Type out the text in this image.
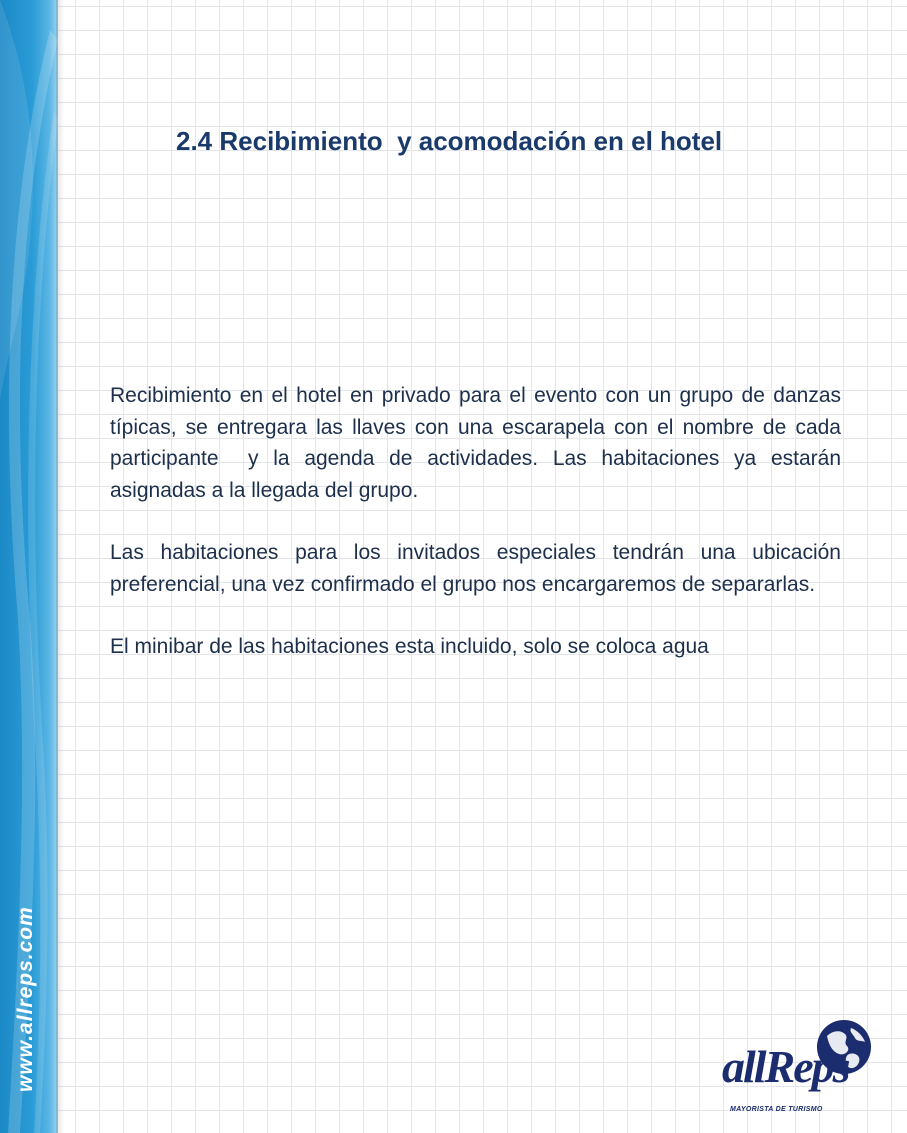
www.allreps.com
2.4 Recibimiento  y acomodación en el hotel

Recibimiento en el hotel en privado para el evento con un grupo de danzas típicas, se entregara las llaves con una escarapela con el nombre de cada participante  y la agenda de actividades. Las habitaciones ya estarán asignadas a la llegada del grupo.

Las habitaciones para los invitados especiales tendrán una ubicación preferencial, una vez confirmado el grupo nos encargaremos de separarlas.

El minibar de las habitaciones esta incluido, solo se coloca agua

allReps
MAYORISTA DE TURISMO
